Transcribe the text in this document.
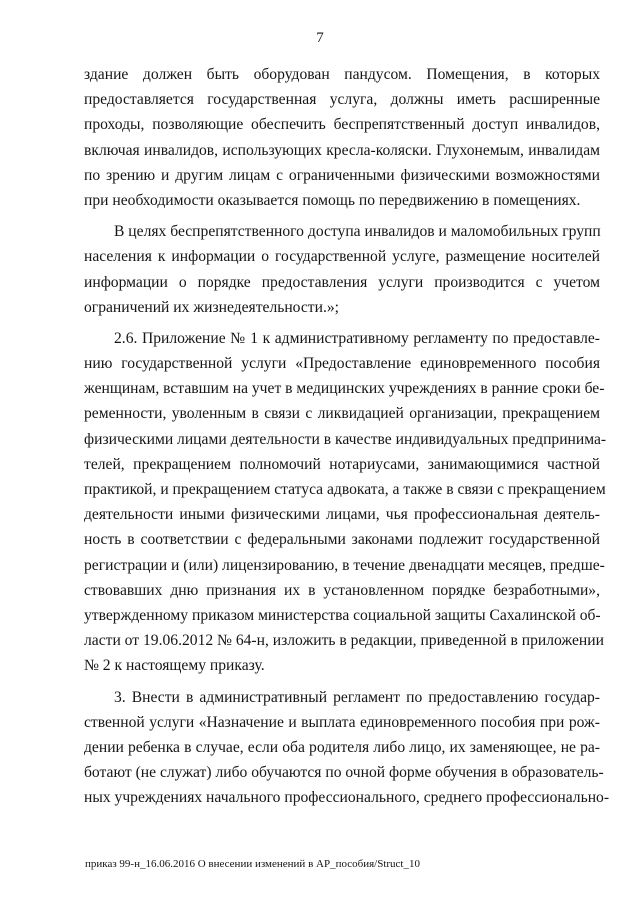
7
здание должен быть оборудован пандусом. Помещения, в которых
предоставляется государственная услуга, должны иметь расширенные
проходы, позволяющие обеспечить беспрепятственный доступ инвалидов,
включая инвалидов, использующих кресла-коляски. Глухонемым, инвалидам
по зрению и другим лицам с ограниченными физическими возможностями
при необходимости оказывается помощь по передвижению в помещениях.
В целях беспрепятственного доступа инвалидов и маломобильных групп
населения к информации о государственной услуге, размещение носителей
информации о порядке предоставления услуги производится с учетом
ограничений их жизнедеятельности.»;
2.6. Приложение № 1 к административному регламенту по предоставле-
нию государственной услуги «Предоставление единовременного пособия
женщинам, вставшим на учет в медицинских учреждениях в ранние сроки бе-
ременности, уволенным в связи с ликвидацией организации, прекращением
физическими лицами деятельности в качестве индивидуальных предпринима-
телей, прекращением полномочий нотариусами, занимающимися частной
практикой, и прекращением статуса адвоката, а также в связи с прекращением
деятельности иными физическими лицами, чья профессиональная деятель-
ность в соответствии с федеральными законами подлежит государственной
регистрации и (или) лицензированию, в течение двенадцати месяцев, предше-
ствовавших дню признания их в установленном порядке безработными»,
утвержденному приказом министерства социальной защиты Сахалинской об-
ласти от 19.06.2012 № 64-н, изложить в редакции, приведенной в приложении
№ 2 к настоящему приказу.
3. Внести в административный регламент по предоставлению государ-
ственной услуги «Назначение и выплата единовременного пособия при рож-
дении ребенка в случае, если оба родителя либо лицо, их заменяющее, не ра-
ботают (не служат) либо обучаются по очной форме обучения в образователь-
ных учреждениях начального профессионального, среднего профессионально-
приказ 99-н_16.06.2016 О внесении изменений в АР_пособия/Struct_10
